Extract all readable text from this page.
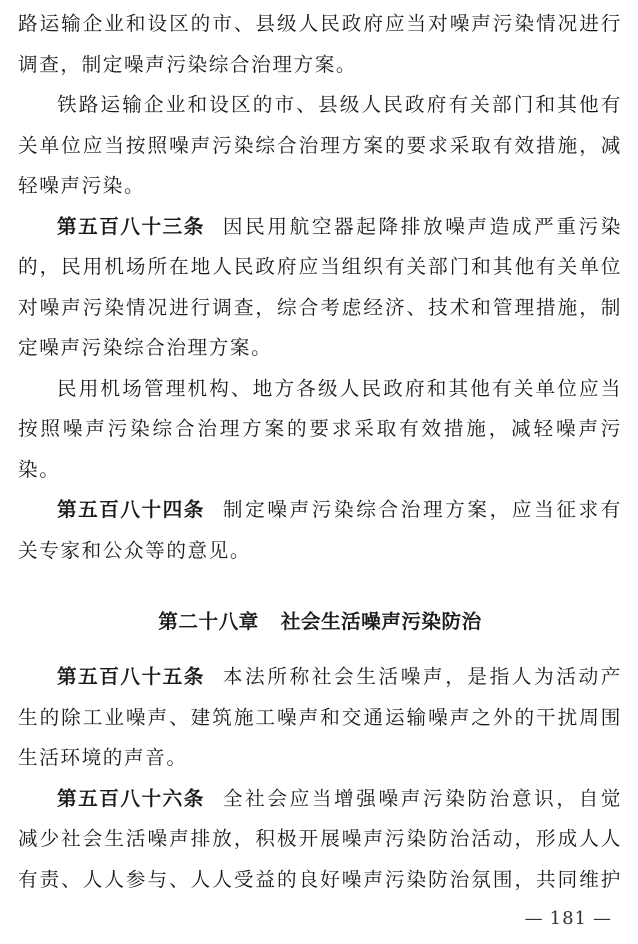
路运输企业和设区的市、县级人民政府应当对噪声污染情况进行
调查，制定噪声污染综合治理方案。
铁路运输企业和设区的市、县级人民政府有关部门和其他有
关单位应当按照噪声污染综合治理方案的要求采取有效措施，减
轻噪声污染。
第五百八十三条 因民用航空器起降排放噪声造成严重污染
的，民用机场所在地人民政府应当组织有关部门和其他有关单位
对噪声污染情况进行调查，综合考虑经济、技术和管理措施，制
定噪声污染综合治理方案。
民用机场管理机构、地方各级人民政府和其他有关单位应当
按照噪声污染综合治理方案的要求采取有效措施，减轻噪声污
染。
第五百八十四条 制定噪声污染综合治理方案，应当征求有
关专家和公众等的意见。
第二十八章 社会生活噪声污染防治
第五百八十五条 本法所称社会生活噪声，是指人为活动产
生的除工业噪声、建筑施工噪声和交通运输噪声之外的干扰周围
生活环境的声音。
第五百八十六条 全社会应当增强噪声污染防治意识，自觉
减少社会生活噪声排放，积极开展噪声污染防治活动，形成人人
有责、人人参与、人人受益的良好噪声污染防治氛围，共同维护
— 181 —
